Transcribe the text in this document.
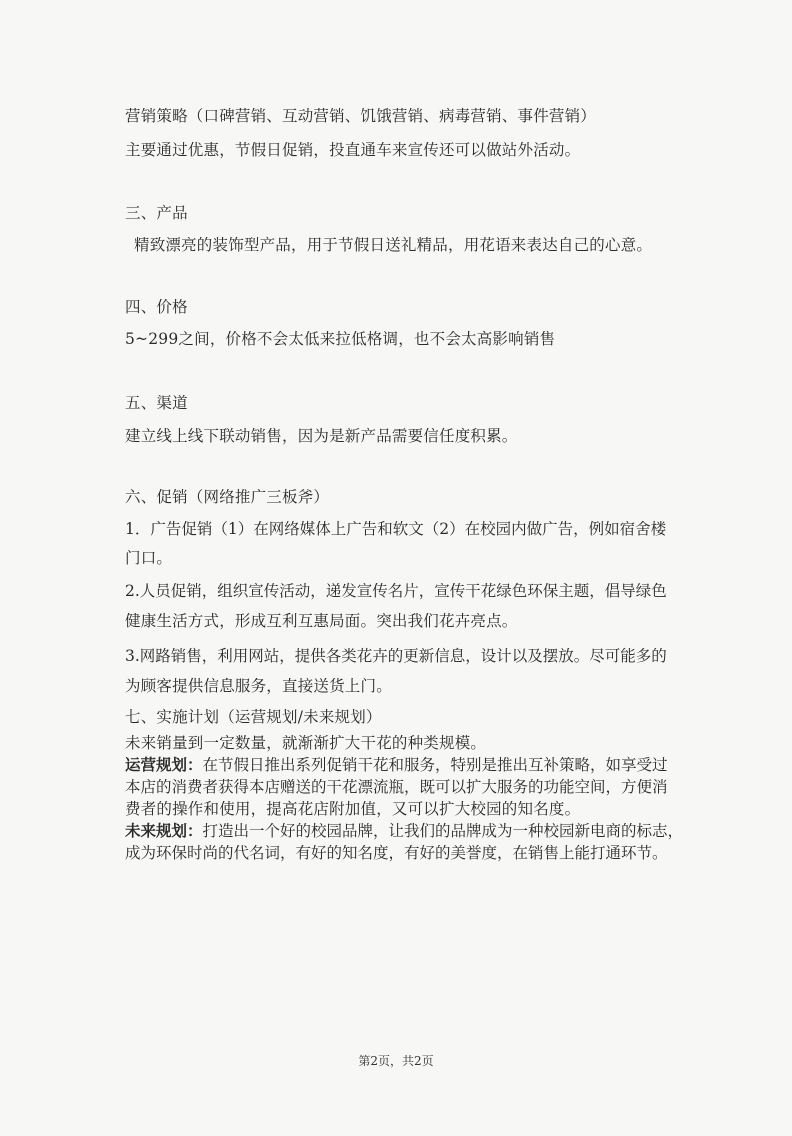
营销策略（口碑营销、互动营销、饥饿营销、病毒营销、事件营销）
主要通过优惠，节假日促销，投直通车来宣传还可以做站外活动。
三、产品
精致漂亮的装饰型产品，用于节假日送礼精品，用花语来表达自己的心意。
四、价格
5~299之间，价格不会太低来拉低格调，也不会太高影响销售
五、渠道
建立线上线下联动销售，因为是新产品需要信任度积累。
六、促销（网络推广三板斧）
1．广告促销（1）在网络媒体上广告和软文（2）在校园内做广告，例如宿舍楼
门口。
2.人员促销，组织宣传活动，递发宣传名片，宣传干花绿色环保主题，倡导绿色
健康生活方式，形成互利互惠局面。突出我们花卉亮点。
3.网路销售，利用网站，提供各类花卉的更新信息，设计以及摆放。尽可能多的
为顾客提供信息服务，直接送货上门。
七、实施计划（运营规划/未来规划）
未来销量到一定数量，就渐渐扩大干花的种类规模。
运营规划：在节假日推出系列促销干花和服务，特别是推出互补策略，如享受过
本店的消费者获得本店赠送的干花漂流瓶，既可以扩大服务的功能空间，方便消
费者的操作和使用，提高花店附加值，又可以扩大校园的知名度。
未来规划：打造出一个好的校园品牌，让我们的品牌成为一种校园新电商的标志，
成为环保时尚的代名词，有好的知名度，有好的美誉度，在销售上能打通环节。
第2页，共2页
